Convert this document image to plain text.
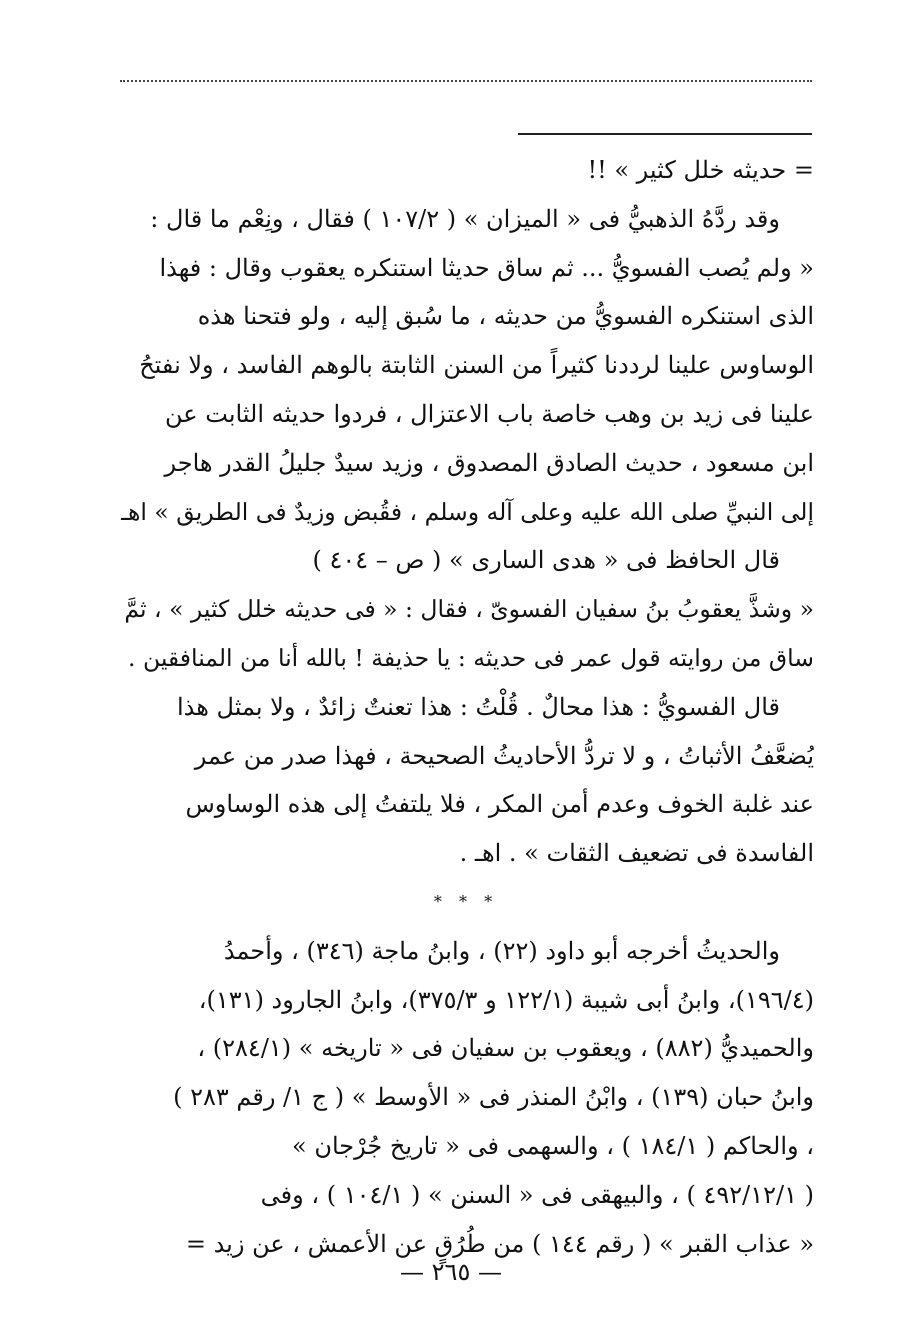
= حديثه خلل كثير » !!
وقد ردَّهُ الذهبيُّ فى « الميزان » ( ١٠٧/٢ ) فقال ، ونِعْم ما قال :
« ولم يُصب الفسويُّ ... ثم ساق حديثا استنكره يعقوب وقال : فهذا
الذى استنكره الفسويُّ من حديثه ، ما سُبق إليه ، ولو فتحنا هذه
الوساوس علينا لرددنا كثيراً من السنن الثابتة بالوهم الفاسد ، ولا نفتحُ
علينا فى زيد بن وهب خاصة باب الاعتزال ، فردوا حديثه الثابت عن
ابن مسعود ، حديث الصادق المصدوق ، وزيد سيدٌ جليلُ القدر هاجر
إلى النبيِّ صلى الله عليه وعلى آله وسلم ، فقُبض وزيدٌ فى الطريق » اهـ
قال الحافظ فى « هدى السارى » ( ص – ٤٠٤ )
« وشذَّ يعقوبُ بنُ سفيان الفسوىّ ، فقال : « فى حديثه خلل كثير » ، ثمَّ
ساق من روايته قول عمر فى حديثه : يا حذيفة ! بالله أنا من المنافقين .
قال الفسويُّ : هذا محالٌ . قُلْتُ : هذا تعنتٌ زائدٌ ، ولا بمثل هذا
يُضعَّفُ الأثباتُ ، و لا تردُّ الأحاديثُ الصحيحة ، فهذا صدر من عمر
عند غلبة الخوف وعدم أمن المكر ، فلا يلتفتُ إلى هذه الوساوس
الفاسدة فى تضعيف الثقات » . اهـ .
* * *
والحديثُ أخرجه أبو داود (٢٢) ، وابنُ ماجة (٣٤٦) ، وأحمدُ
(١٩٦/٤)، وابنُ أبى شيبة (١٢٢/١ و ٣٧٥/٣)، وابنُ الجارود (١٣١)،
والحميديُّ (٨٨٢) ، ويعقوب بن سفيان فى « تاريخه » (٢٨٤/١) ،
وابنُ حبان (١٣٩) ، وابْنُ المنذر فى « الأوسط » ( ج ١/ رقم ٢٨٣ )
، والحاكم ( ١٨٤/١ ) ، والسهمى فى « تاريخ جُرْجان »
( ٤٩٢/١٢/١ ) ، والبيهقى فى « السنن » ( ١٠٤/١ ) ، وفى
« عذاب القبر » ( رقم ١٤٤ ) من طُرُقٍ عن الأعمش ، عن زيد =
— ٢٦٥ —
